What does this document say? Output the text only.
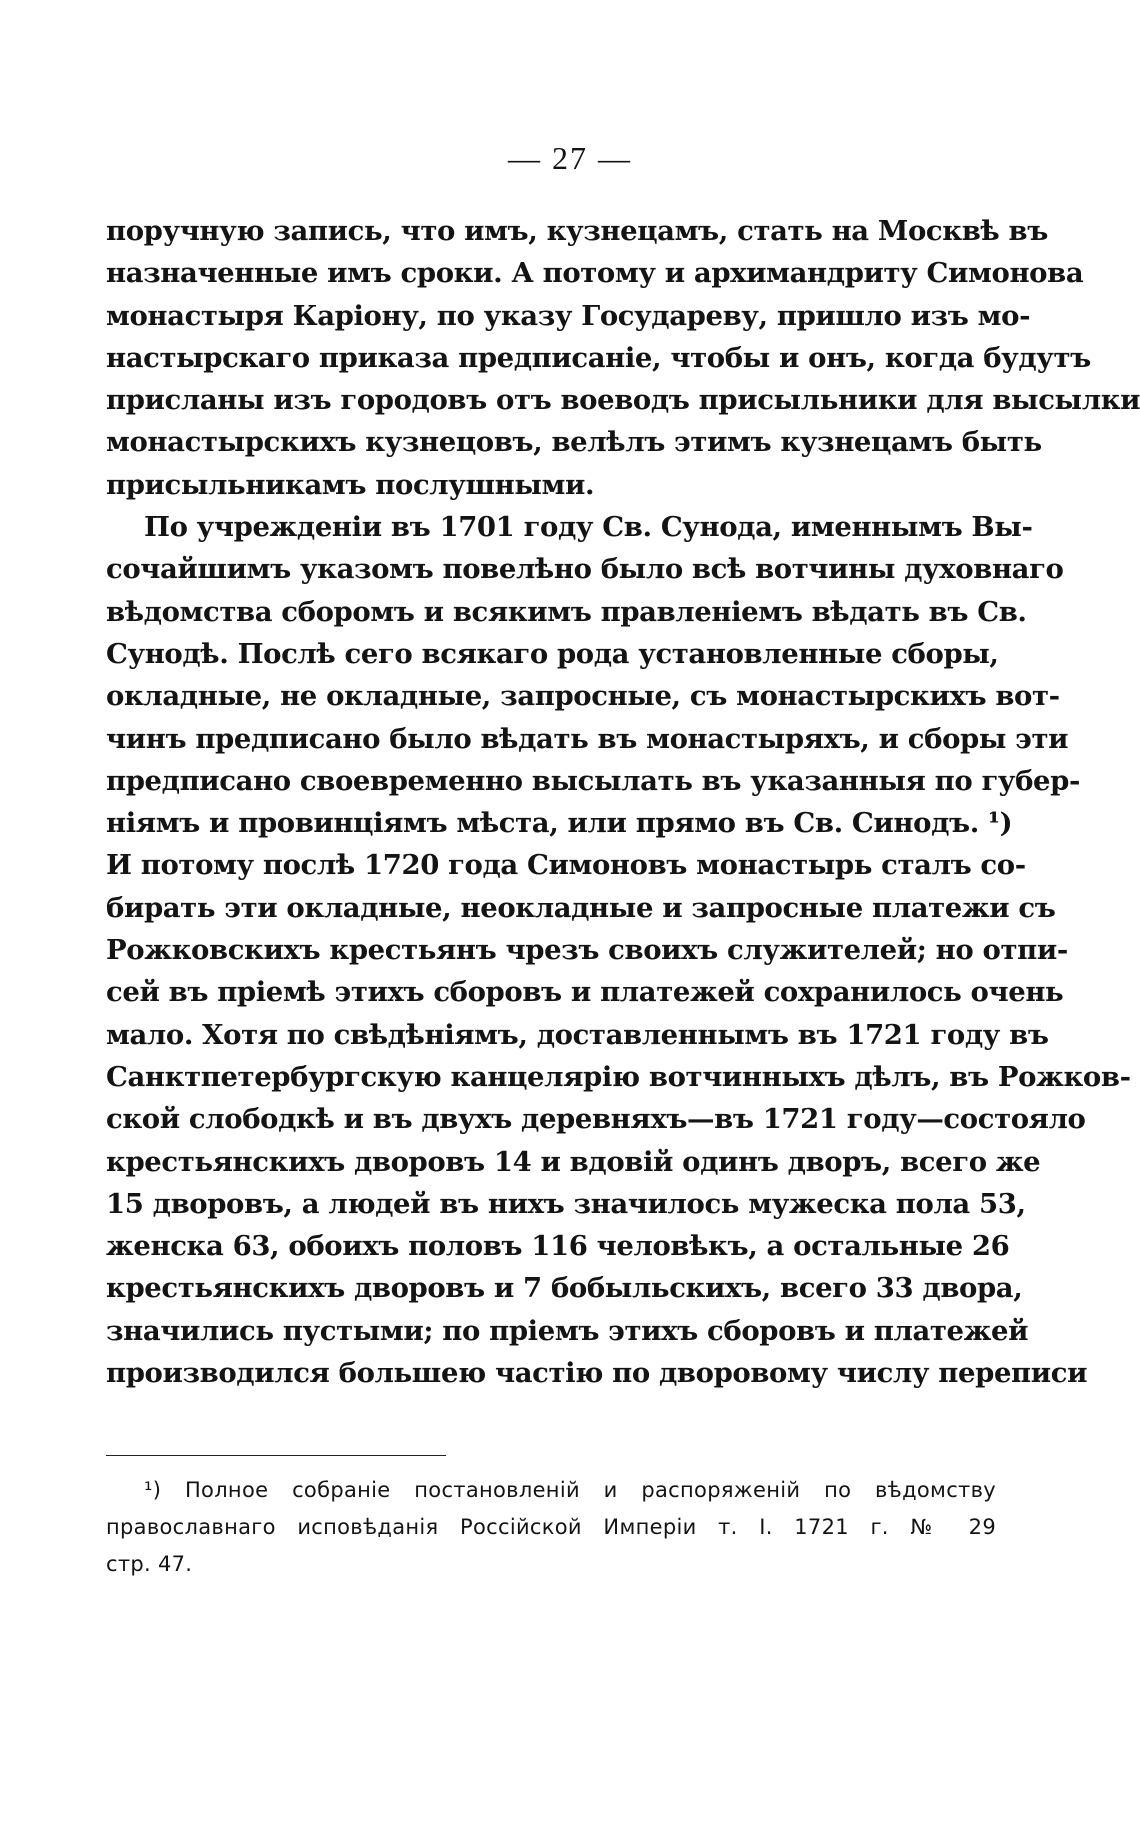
— 27 —
поручную запись, что имъ, кузнецамъ, стать на Москвѣ въ
назначенные имъ сроки. А потому и архимандриту Симонова
монастыря Каріону, по указу Государеву, пришло изъ мо-
настырскаго приказа предписаніе, чтобы и онъ, когда будутъ
присланы изъ городовъ отъ воеводъ присыльники для высылки
монастырскихъ кузнецовъ, велѣлъ этимъ кузнецамъ быть
присыльникамъ послушными.
По учрежденіи въ 1701 году Св. Сунода, именнымъ Вы-
сочайшимъ указомъ повелѣно было всѣ вотчины духовнаго
вѣдомства сборомъ и всякимъ правленіемъ вѣдать въ Св.
Сунодѣ. Послѣ сего всякаго рода установленные сборы,
окладные, не окладные, запросные, съ монастырскихъ вот-
чинъ предписано было вѣдать въ монастыряхъ, и сборы эти
предписано своевременно высылать въ указанныя по губер-
ніямъ и провинціямъ мѣста, или прямо въ Св. Синодъ. ¹)
И потому послѣ 1720 года Симоновъ монастырь сталъ со-
бирать эти окладные, неокладные и запросные платежи съ
Рожковскихъ крестьянъ чрезъ своихъ служителей; но отпи-
сей въ пріемѣ этихъ сборовъ и платежей сохранилось очень
мало. Хотя по свѣдѣніямъ, доставленнымъ въ 1721 году въ
Санктпетербургскую канцелярію вотчинныхъ дѣлъ, въ Рожков-
ской слободкѣ и въ двухъ деревняхъ—въ 1721 году—состояло
крестьянскихъ дворовъ 14 и вдовій одинъ дворъ, всего же
15 дворовъ, а людей въ нихъ значилось мужеска пола 53,
женска 63, обоихъ половъ 116 человѣкъ, а остальные 26
крестьянскихъ дворовъ и 7 бобыльскихъ, всего 33 двора,
значились пустыми; по пріемъ этихъ сборовъ и платежей
производился большею частію по дворовому числу переписи
¹) Полное собраніе постановленій и распоряженій по вѣдомству
православнаго исповѣданія Россійской Имперіи т. I. 1721 г. № 29
стр. 47.
